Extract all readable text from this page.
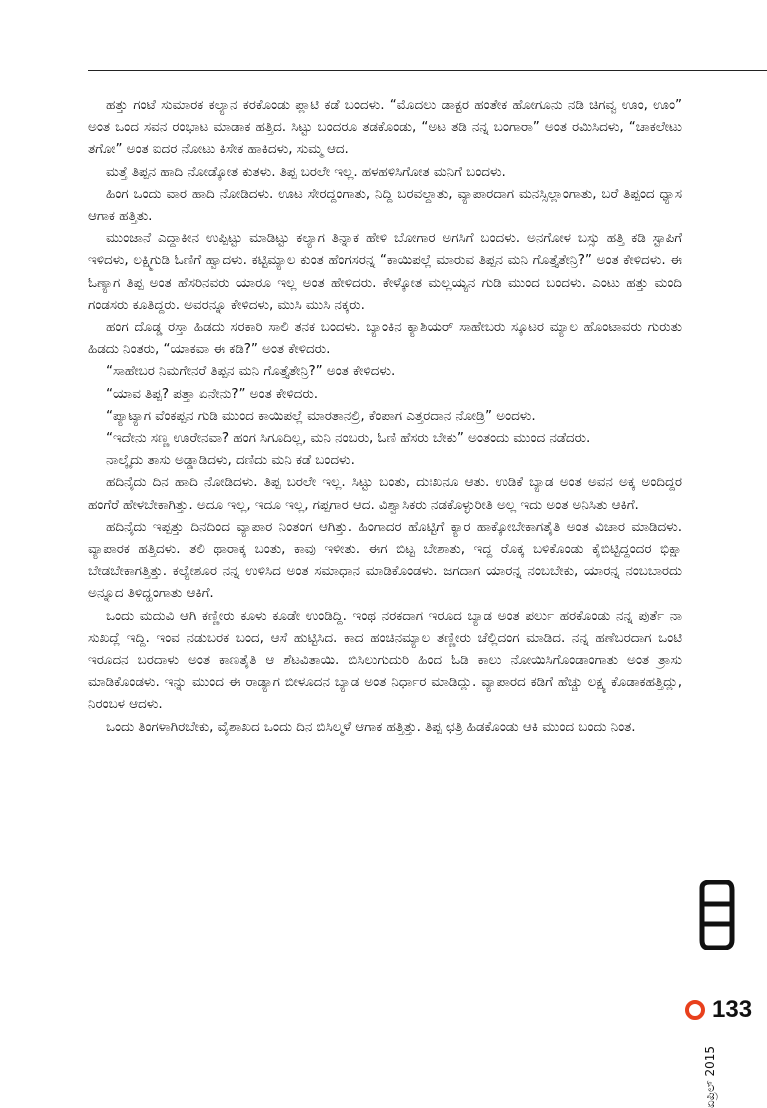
ಹತ್ತು ಗಂಟೆ ಸುಮಾರಕ ಕಲ್ಯಾನ ಕರಕೊಂಡು ಪ್ಲಾಟಿ ಕಡೆ ಬಂದಳು. “ಮೊದಲು ಡಾಕ್ಟರ ಹಂತೇಕ ಹೋಗೂನು ನಡಿ ಚಿಗವ್ವ ಊಂ, ಊಂ” ಅಂತ ಒಂದ ಸವನ ರಂಭಾಟ ಮಾಡಾಕ ಹತ್ತಿದ. ಸಿಟ್ಟು ಬಂದರೂ ತಡಕೊಂಡು, “ಅಟ ತಡಿ ನನ್ನ ಬಂಗಾರಾ” ಅಂತ ರಮಿಸಿದಳು, “ಚಾಕಲೇಟು ತಗೋ” ಅಂತ ಐದರ ನೋಟು ಕಿಸೇಕ ಹಾಕಿದಳು, ಸುಮ್ಮ ಆದ.

ಮತ್ತೆ ತಿಪ್ಪನ ಹಾದಿ ನೋಡ್ಕೋತ ಕುತಳು. ತಿಪ್ಪ ಬರಲೇ ಇಲ್ಲ. ಹಳಹಳಿಸಿಗೋತ ಮನಿಗೆ ಬಂದಳು.

ಹಿಂಗ ಒಂದು ವಾರ ಹಾದಿ ನೋಡಿದಳು. ಊಟ ಸೇರದ್ದಂಗಾತು, ನಿದ್ದಿ ಬರವಲ್ದಾತು, ವ್ಯಾಪಾರದಾಗ ಮನಸ್ಸಿಲ್ಲಾಂಗಾತು, ಬರೆ ತಿಪ್ಪಂದ ಧ್ಯಾಸ ಆಗಾಕ ಹತ್ತಿತು.

ಮುಂಜಾನೆ ಎದ್ದಾಕೀನ ಉಪ್ಪಿಟ್ಟು ಮಾಡಿಟ್ಟು ಕಲ್ಯಾಗ ತಿನ್ನಾಕ ಹೇಳಿ ಬೋಗಾರ ಅಗಸಿಗೆ ಬಂದಳು. ಅನಗೋಳ ಬಸ್ಸು ಹತ್ತಿ ಕಡಿ ಸ್ಟಾಪಿಗೆ ಇಳಿದಳು, ಲಕ್ಷ್ಮಿಗುಡಿ ಓಣಿಗೆ ಹ್ವಾದಳು. ಕಟ್ಟಿಮ್ಯಾಲ ಕುಂತ ಹೆಂಗಸರನ್ನ “ಕಾಯಿಪಲ್ಲೆ ಮಾರುವ ತಿಪ್ಪನ ಮನಿ ಗೊತ್ತೈತೇನ್ರಿ?” ಅಂತ ಕೇಳಿದಳು. ಈ ಓಣ್ಯಾಗ ತಿಪ್ಪ ಅಂತ ಹೆಸರಿನವರು ಯಾರೂ ಇಲ್ಲ ಅಂತ ಹೇಳಿದರು. ಕೇಳ್ಕೋತ ಮಲ್ಲಯ್ಯನ ಗುಡಿ ಮುಂದ ಬಂದಳು. ಎಂಟು ಹತ್ತು ಮಂದಿ ಗಂಡಸರು ಕೂತಿದ್ದರು. ಅವರನ್ನೂ ಕೇಳಿದಳು, ಮುಸಿ ಮುಸಿ ನಕ್ಕರು.

ಹಂಗ ದೊಡ್ಡ ರಸ್ತಾ ಹಿಡದು ಸರಕಾರಿ ಸಾಲಿ ತನಕ ಬಂದಳು. ಬ್ಯಾಂಕಿನ ಕ್ಯಾಶಿಯರ್ ಸಾಹೇಬರು ಸ್ಕೂಟರ ಮ್ಯಾಲ ಹೊಂಟಾವರು ಗುರುತು ಹಿಡದು ನಿಂತರು, “ಯಾಕವಾ ಈ ಕಡಿ?” ಅಂತ ಕೇಳಿದರು.

“ಸಾಹೇಬರ ನಿಮಗೇನರೆ ತಿಪ್ಪನ ಮನಿ ಗೊತ್ತೈತೇನ್ರಿ?” ಅಂತ ಕೇಳಿದಳು.

“ಯಾವ ತಿಪ್ಪ? ಪತ್ತಾ ಏನೇನು?” ಅಂತ ಕೇಳಿದರು.

“ಪ್ಯಾಟ್ಯಾಗ ವೆಂಕಪ್ಪನ ಗುಡಿ ಮುಂದ ಕಾಯಿಪಲ್ಲೆ ಮಾರತಾನಲ್ರಿ, ಕೆಂಪಾಗ ಎತ್ತರದಾನ ನೋಡ್ರಿ” ಅಂದಳು.

“ಇದೇನು ಸಣ್ಣ ಊರೇನವಾ? ಹಂಗ ಸಿಗೂದಿಲ್ಲ, ಮನಿ ನಂಬರು, ಓಣಿ ಹೆಸರು ಬೇಕು” ಅಂತಂದು ಮುಂದ ನಡೆದರು.

ನಾಲ್ಕೈದು ತಾಸು ಅಡ್ಡಾಡಿದಳು, ದಣಿದು ಮನಿ ಕಡೆ ಬಂದಳು.

ಹದಿನೈದು ದಿನ ಹಾದಿ ನೋಡಿದಳು. ತಿಪ್ಪ ಬರಲೇ ಇಲ್ಲ. ಸಿಟ್ಟು ಬಂತು, ದುಃಖನೂ ಆತು. ಉಡಿಕೆ ಬ್ಯಾಡ ಅಂತ ಅವನ ಅಕ್ಕ ಅಂದಿದ್ದರ ಹಂಗೆರೆ ಹೇಳಬೇಕಾಗಿತ್ತು. ಅದೂ ಇಲ್ಲ, ಇದೂ ಇಲ್ಲ, ಗಪ್ಪಗಾರ ಆದ. ವಿಶ್ವಾಸಿಕರು ನಡಕೊಳ್ಳುರೀತಿ ಅಲ್ಲ ಇದು ಅಂತ ಅನಿಸಿತು ಆಕಿಗೆ.

ಹದಿನೈದು ಇಪ್ಪತ್ತು ದಿನದಿಂದ ವ್ಯಾಪಾರ ನಿಂತಂಗ ಆಗಿತ್ತು. ಹಿಂಗಾದರ ಹೊಟ್ಟಿಗೆ ಕ್ಯಾರ ಹಾಕ್ಕೋಬೇಕಾಗತೈತಿ ಅಂತ ವಿಚಾರ ಮಾಡಿದಳು. ವ್ಯಾಪಾರಕ ಹತ್ತಿದಳು. ತಲಿ ಥಾರಾಕ್ಕ ಬಂತು, ಕಾವು ಇಳೀತು. ಈಗ ಬಿಟ್ಟ ಬೇಶಾತು, ಇದ್ದ ರೊಕ್ಕ ಬಳಿಕೊಂಡು ಕೈಬಿಟ್ಟಿದ್ದಂದರ ಭಿಕ್ಷಾ ಬೇಡಬೇಕಾಗತ್ತಿತ್ತು. ಕಲ್ಯೇಶೂರ ನನ್ನ ಉಳಿಸಿದ ಅಂತ ಸಮಾಧಾನ ಮಾಡಿಕೊಂಡಳು. ಜಗದಾಗ ಯಾರನ್ನ ನಂಬಬೇಕು, ಯಾರನ್ನ ನಂಬಬಾರದು ಅನ್ನೂದ ತಿಳಿದ್ಹಂಗಾತು ಆಕಿಗೆ.

ಒಂದು ಮದುವಿ ಆಗಿ ಕಣ್ಣೀರು ಕೂಳು ಕೂಡೇ ಉಂಡಿದ್ದಿ. ಇಂಥ ನರಕದಾಗ ಇರೂದ ಬ್ಯಾಡ ಅಂತ ಪರ್ಲು ಹರಕೊಂಡು ನನ್ನ ಪುರ್ತೆ ನಾ ಸುಖದ್ಲೆ ಇದ್ದಿ. ಇಂವ ನಡುಬರಕ ಬಂದ, ಆಸೆ ಹುಟ್ಟಿಸಿದ. ಕಾದ ಹಂಚಿನಮ್ಯಾಲ ತಣ್ಣೀರು ಚೆಲ್ಲಿದಂಗ ಮಾಡಿದ. ನನ್ನ ಹಣೆಬರದಾಗ ಒಂಟಿ ಇರೂದನ ಬರದಾಳು ಅಂತ ಕಾಣತೈತಿ ಆ ಶೆಟವಿತಾಯಿ. ಬಿಸಿಲುಗುದುರಿ ಹಿಂದ ಓಡಿ ಕಾಲು ನೋಯಿಸಿಗೊಂಡಾಂಗಾತು ಅಂತ ತ್ರಾಸು ಮಾಡಿಕೊಂಡಳು. ಇನ್ನು ಮುಂದ ಈ ರಾಡ್ಯಾಗ ಬೀಳೂದನ ಬ್ಯಾಡ ಅಂತ ನಿರ್ಧಾರ ಮಾಡಿದ್ಲು. ವ್ಯಾಪಾರದ ಕಡಿಗೆ ಹೆಚ್ಚು ಲಕ್ಷ್ಯ ಕೊಡಾಕಹತ್ತಿದ್ಲು, ನಿರಂಬಳ ಆದಳು.

ಒಂದು ತಿಂಗಳಾಗಿರಬೇಕು, ವೈಶಾಖದ ಒಂದು ದಿನ ಬಿಸಿಲ್ಮಳೆ ಆಗಾಕ ಹತ್ತಿತ್ತು. ತಿಪ್ಪ ಛತ್ರಿ ಹಿಡಕೊಂಡು ಆಕಿ ಮುಂದ ಬಂದು ನಿಂತ.

ಏಪ್ರಿಲ್ 2015
133
